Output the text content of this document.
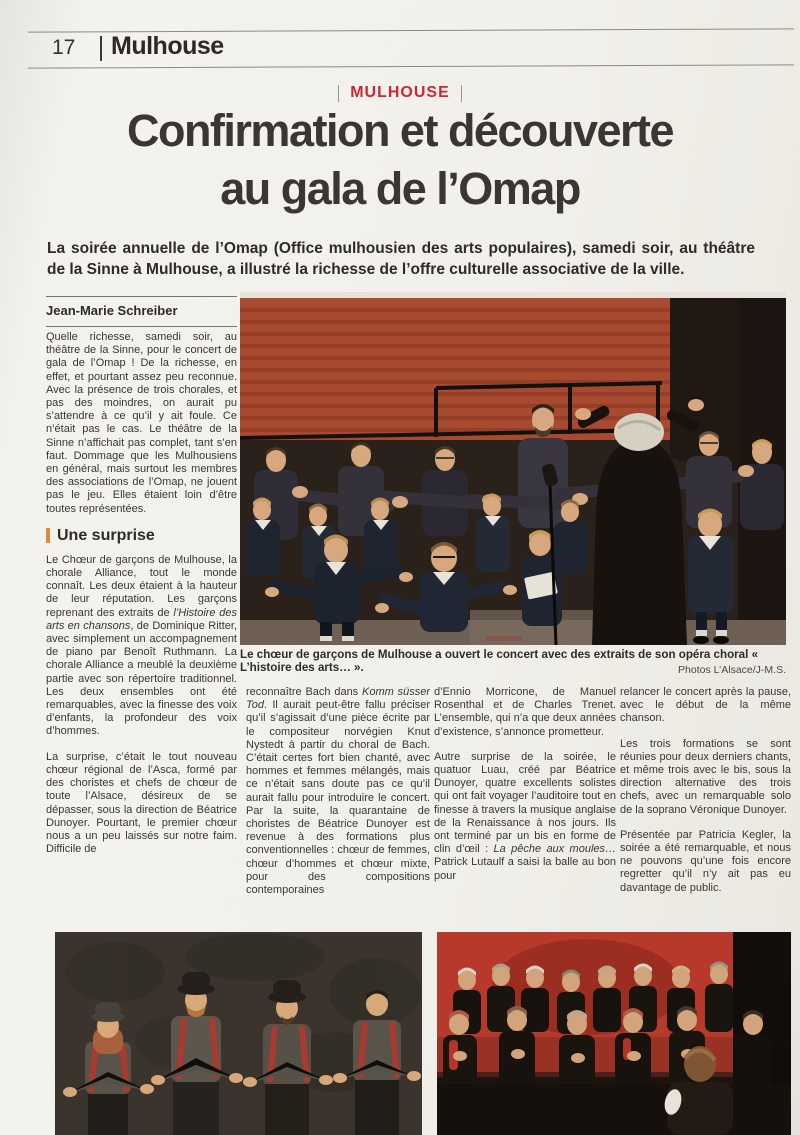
17 Mulhouse
MULHOUSE
Confirmation et découverte
au gala de l’Omap
La soirée annuelle de l’Omap (Office mulhousien des arts populaires), samedi soir, au théâtre de la Sinne à Mulhouse, a illustré la richesse de l’offre culturelle associative de la ville.
Jean-Marie Schreiber

Quelle richesse, samedi soir, au théâtre de la Sinne, pour le concert de gala de l’Omap ! De la richesse, en effet, et pourtant assez peu reconnue. Avec la présence de trois chorales, et pas des moindres, on aurait pu s’attendre à ce qu’il y ait foule. Ce n’était pas le cas. Le théâtre de la Sinne n’affichait pas complet, tant s’en faut. Dommage que les Mulhousiens en général, mais surtout les membres des associations de l’Omap, ne jouent pas le jeu. Elles étaient loin d’être toutes représentées.

Une surprise

Le Chœur de garçons de Mulhouse, la chorale Alliance, tout le monde connaît. Les deux étaient à la hauteur de leur réputation. Les garçons reprenant des extraits de l’Histoire des arts en chansons, de Dominique Ritter, avec simplement un accompagnement de piano par Benoît Ruthmann. La chorale Alliance a meublé la deuxième partie avec son répertoire traditionnel. Les deux ensembles ont été remarquables, avec la finesse des voix d’enfants, la profondeur des voix d’hommes.

La surprise, c’était le tout nouveau chœur régional de l’Asca, formé par des choristes et chefs de chœur de toute l’Alsace, désireux de se dépasser, sous la direction de Béatrice Dunoyer. Pourtant, le premier chœur nous a un peu laissés sur notre faim. Difficile de

reconnaître Bach dans Komm süsser Tod. Il aurait peut-être fallu préciser qu’il s’agissait d’une pièce écrite par le compositeur norvégien Knut Nystedt à partir du choral de Bach. C’était certes fort bien chanté, avec hommes et femmes mélangés, mais ce n’était sans doute pas ce qu’il aurait fallu pour introduire le concert. Par la suite, la quarantaine de choristes de Béatrice Dunoyer est revenue à des formations plus conventionnelles : chœur de femmes, chœur d’hommes et chœur mixte, pour des compositions contemporaines

d’Ennio Morricone, de Manuel Rosenthal et de Charles Trenet. L’ensemble, qui n’a que deux années d’existence, s’annonce prometteur.

Autre surprise de la soirée, le quatuor Luau, créé par Béatrice Dunoyer, quatre excellents solistes qui ont fait voyager l’auditoire tout en finesse à travers la musique anglaise de la Renaissance à nos jours. Ils ont terminé par un bis en forme de clin d’œil : La pêche aux moules… Patrick Lutaulf a saisi la balle au bon pour

relancer le concert après la pause, avec le début de la même chanson.

Les trois formations se sont réunies pour deux derniers chants, et même trois avec le bis, sous la direction alternative des trois chefs, avec un remarquable solo de la soprano Véronique Dunoyer.

Présentée par Patricia Kegler, la soirée a été remarquable, et nous ne pouvons qu’une fois encore regretter qu’il n’y ait pas eu davantage de public.

Le chœur de garçons de Mulhouse a ouvert le concert avec des extraits de son opéra choral « L’histoire des arts… ».	Photos L’Alsace/J-M.S.
